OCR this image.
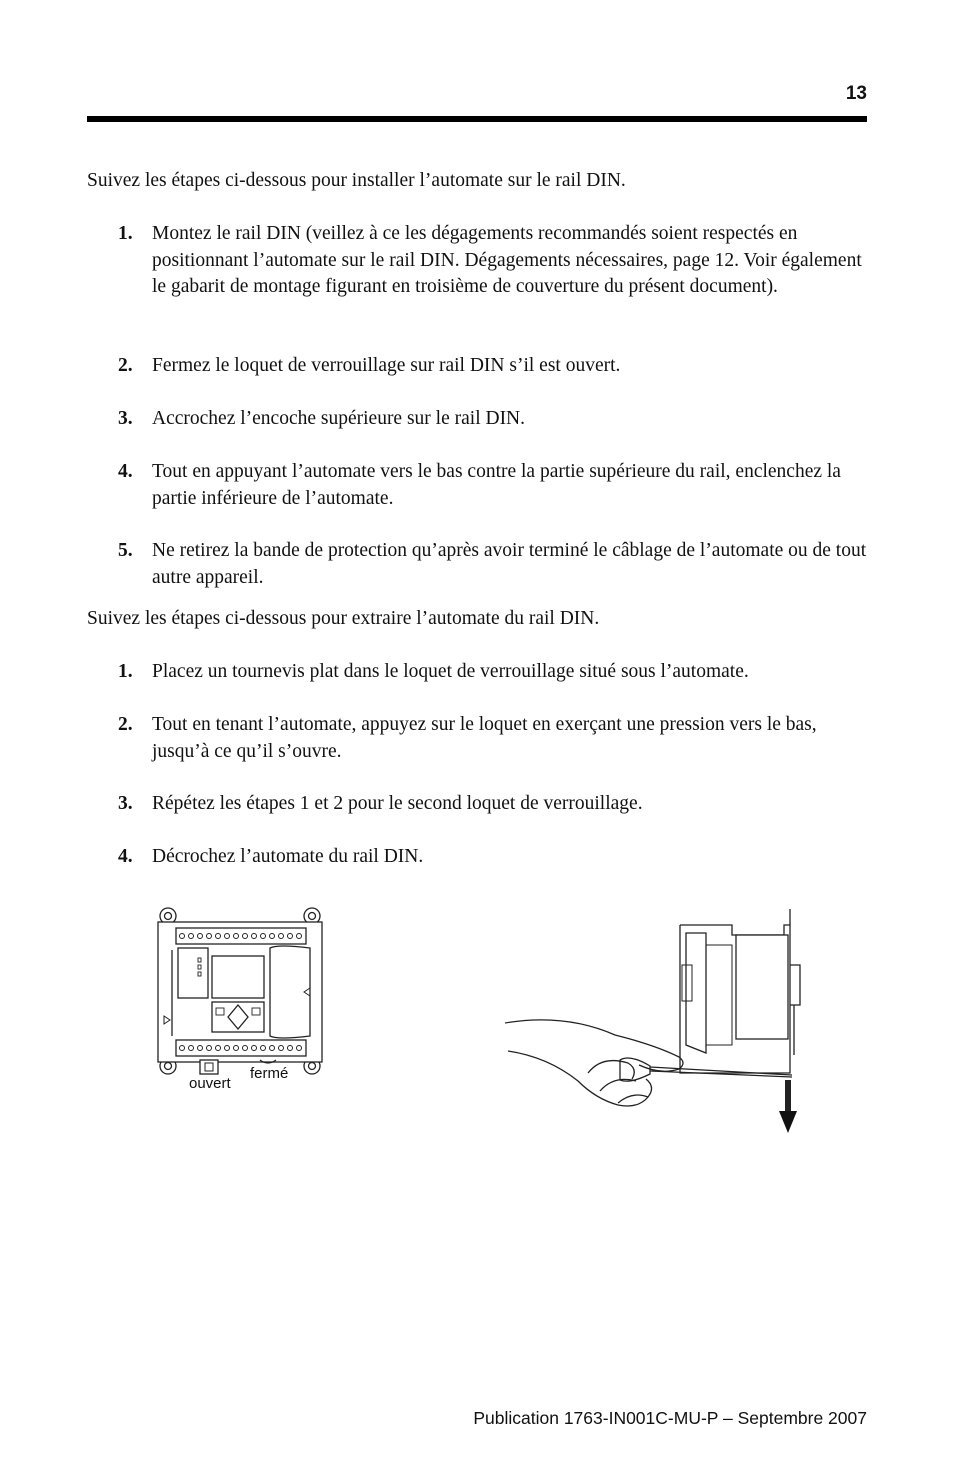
13
Suivez les étapes ci-dessous pour installer l’automate sur le rail DIN.
1. Montez le rail DIN (veillez à ce les dégagements recommandés soient respectés en positionnant l’automate sur le rail DIN. Dégagements nécessaires, page 12. Voir également le gabarit de montage figurant en troisième de couverture du présent document).
2. Fermez le loquet de verrouillage sur rail DIN s’il est ouvert.
3. Accrochez l’encoche supérieure sur le rail DIN.
4. Tout en appuyant l’automate vers le bas contre la partie supérieure du rail, enclenchez la partie inférieure de l’automate.
5. Ne retirez la bande de protection qu’après avoir terminé le câblage de l’automate ou de tout autre appareil.
Suivez les étapes ci-dessous pour extraire l’automate du rail DIN.
1. Placez un tournevis plat dans le loquet de verrouillage situé sous l’automate.
2. Tout en tenant l’automate, appuyez sur le loquet en exerçant une pression vers le bas, jusqu’à ce qu’il s’ouvre.
3. Répétez les étapes 1 et 2 pour le second loquet de verrouillage.
4. Décrochez l’automate du rail DIN.
ouvert
fermé
Publication 1763-IN001C-MU-P – Septembre 2007
